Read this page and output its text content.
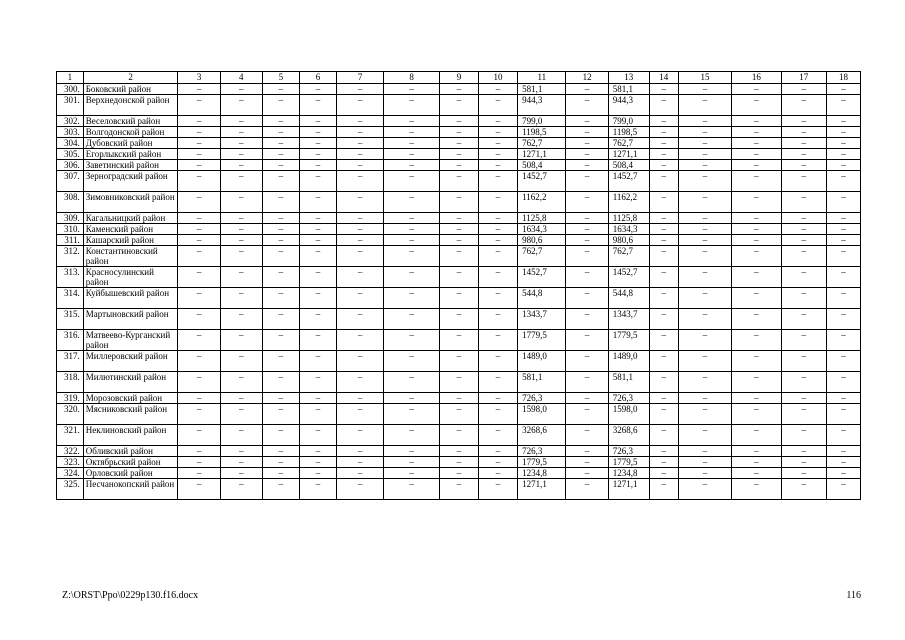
1	2	3	4	5	6	7	8	9	10	11	12	13	14	15	16	17	18
300.	Боковский район	–	–	–	–	–	–	–	–	581,1	–	581,1	–	–	–	–	–
301.	Верхнедонской район	–	–	–	–	–	–	–	–	944,3	–	944,3	–	–	–	–	–
302.	Веселовский район	–	–	–	–	–	–	–	–	799,0	–	799,0	–	–	–	–	–
303.	Волгодонской район	–	–	–	–	–	–	–	–	1198,5	–	1198,5	–	–	–	–	–
304.	Дубовский район	–	–	–	–	–	–	–	–	762,7	–	762,7	–	–	–	–	–
305.	Егорлыкский район	–	–	–	–	–	–	–	–	1271,1	–	1271,1	–	–	–	–	–
306.	Заветинский район	–	–	–	–	–	–	–	–	508,4	–	508,4	–	–	–	–	–
307.	Зерноградский район	–	–	–	–	–	–	–	–	1452,7	–	1452,7	–	–	–	–	–
308.	Зимовниковский район	–	–	–	–	–	–	–	–	1162,2	–	1162,2	–	–	–	–	–
309.	Кагальницкий район	–	–	–	–	–	–	–	–	1125,8	–	1125,8	–	–	–	–	–
310.	Каменский район	–	–	–	–	–	–	–	–	1634,3	–	1634,3	–	–	–	–	–
311.	Кашарский район	–	–	–	–	–	–	–	–	980,6	–	980,6	–	–	–	–	–
312.	Константиновский район	–	–	–	–	–	–	–	–	762,7	–	762,7	–	–	–	–	–
313.	Красносулинский район	–	–	–	–	–	–	–	–	1452,7	–	1452,7	–	–	–	–	–
314.	Куйбышевский район	–	–	–	–	–	–	–	–	544,8	–	544,8	–	–	–	–	–
315.	Мартыновский район	–	–	–	–	–	–	–	–	1343,7	–	1343,7	–	–	–	–	–
316.	Матвеево-Курганский район	–	–	–	–	–	–	–	–	1779,5	–	1779,5	–	–	–	–	–
317.	Миллеровский район	–	–	–	–	–	–	–	–	1489,0	–	1489,0	–	–	–	–	–
318.	Милютинский район	–	–	–	–	–	–	–	–	581,1	–	581,1	–	–	–	–	–
319.	Морозовский район	–	–	–	–	–	–	–	–	726,3	–	726,3	–	–	–	–	–
320.	Мясниковский район	–	–	–	–	–	–	–	–	1598,0	–	1598,0	–	–	–	–	–
321.	Неклиновский район	–	–	–	–	–	–	–	–	3268,6	–	3268,6	–	–	–	–	–
322.	Обливский район	–	–	–	–	–	–	–	–	726,3	–	726,3	–	–	–	–	–
323.	Октябрьский район	–	–	–	–	–	–	–	–	1779,5	–	1779,5	–	–	–	–	–
324.	Орловский район	–	–	–	–	–	–	–	–	1234,8	–	1234,8	–	–	–	–	–
325.	Песчанокопский район	–	–	–	–	–	–	–	–	1271,1	–	1271,1	–	–	–	–	–
Z:\ORST\Ppo\0229p130.f16.docx	116
